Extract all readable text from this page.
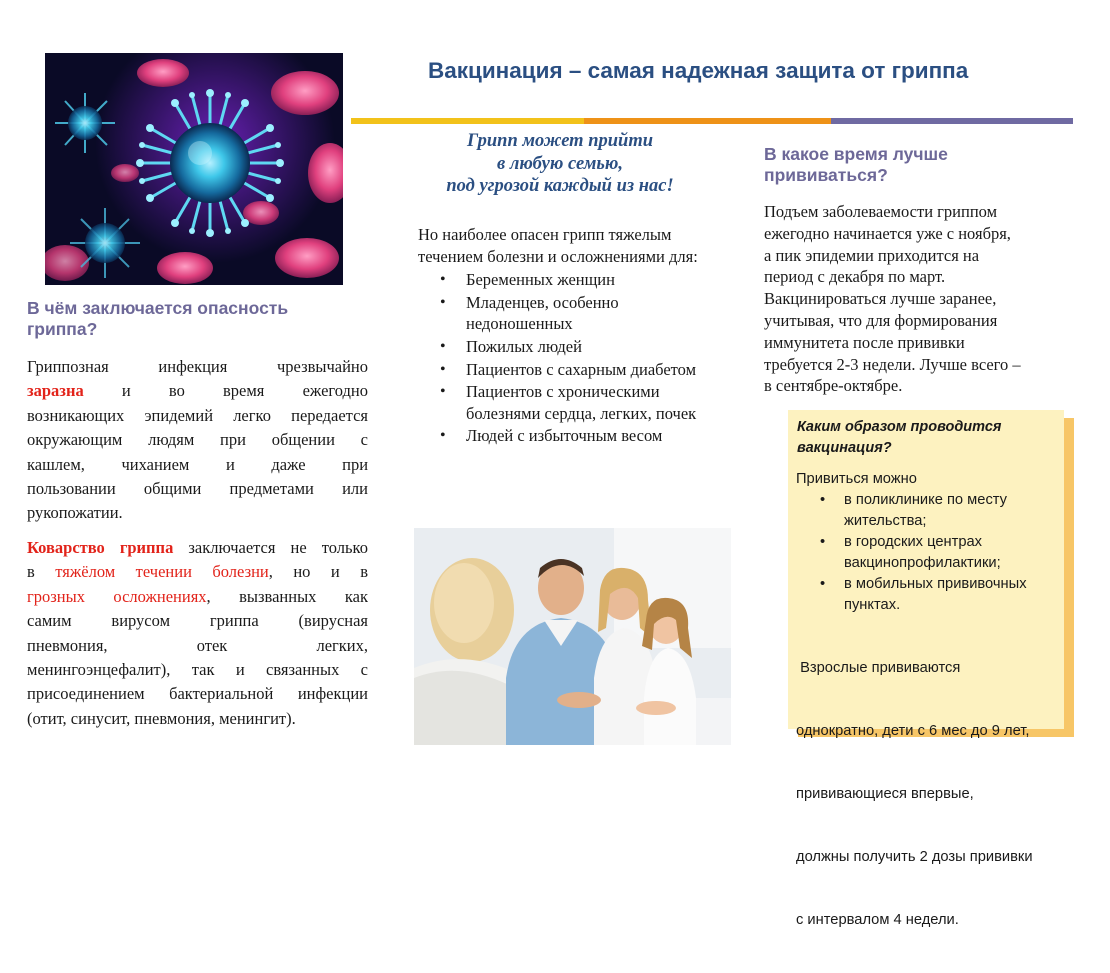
Вакцинация – самая надежная защита от гриппа
В чём заключается опасность гриппа?
Гриппозная	инфекция	чрезвычайно
заразна и во время ежегодно
возникающих эпидемий легко передается
окружающим людям при общении с
кашлем, чиханием и даже при
пользовании общими предметами или
рукопожатии.
Коварство гриппа заключается не только
в тяжёлом течении болезни, но и в
грозных осложнениях, вызванных как
самим вирусом гриппа (вирусная
пневмония,	отек	легких,
менингоэнцефалит), так и связанных с
присоединением бактериальной инфекции
(отит, синусит, пневмония, менингит).
Грипп может прийти
в любую семью,
под угрозой каждый из нас!
Но наиболее опасен грипп тяжелым течением болезни и осложнениями для:
• Беременных женщин
• Младенцев, особенно недоношенных
• Пожилых людей
• Пациентов с сахарным диабетом
• Пациентов с хроническими болезнями сердца, легких, почек
• Людей с избыточным весом
В какое время лучше прививаться?
Подъем заболеваемости гриппом
ежегодно начинается уже с ноября,
а пик эпидемии приходится на
период с декабря по март.
Вакцинироваться лучше заранее,
учитывая, что для формирования
иммунитета после прививки
требуется 2-3 недели. Лучше всего –
в сентябре-октябре.
Каким образом проводится вакцинация?
Привиться можно
• в поликлинике по месту жительства;
• в городских центрах вакцинопрофилактики;
• в мобильных прививочных пунктах.

Взрослые прививаются

однократно, дети с 6 мес до 9 лет,

прививающиеся впервые,

должны получить 2 дозы прививки

с интервалом 4 недели.
